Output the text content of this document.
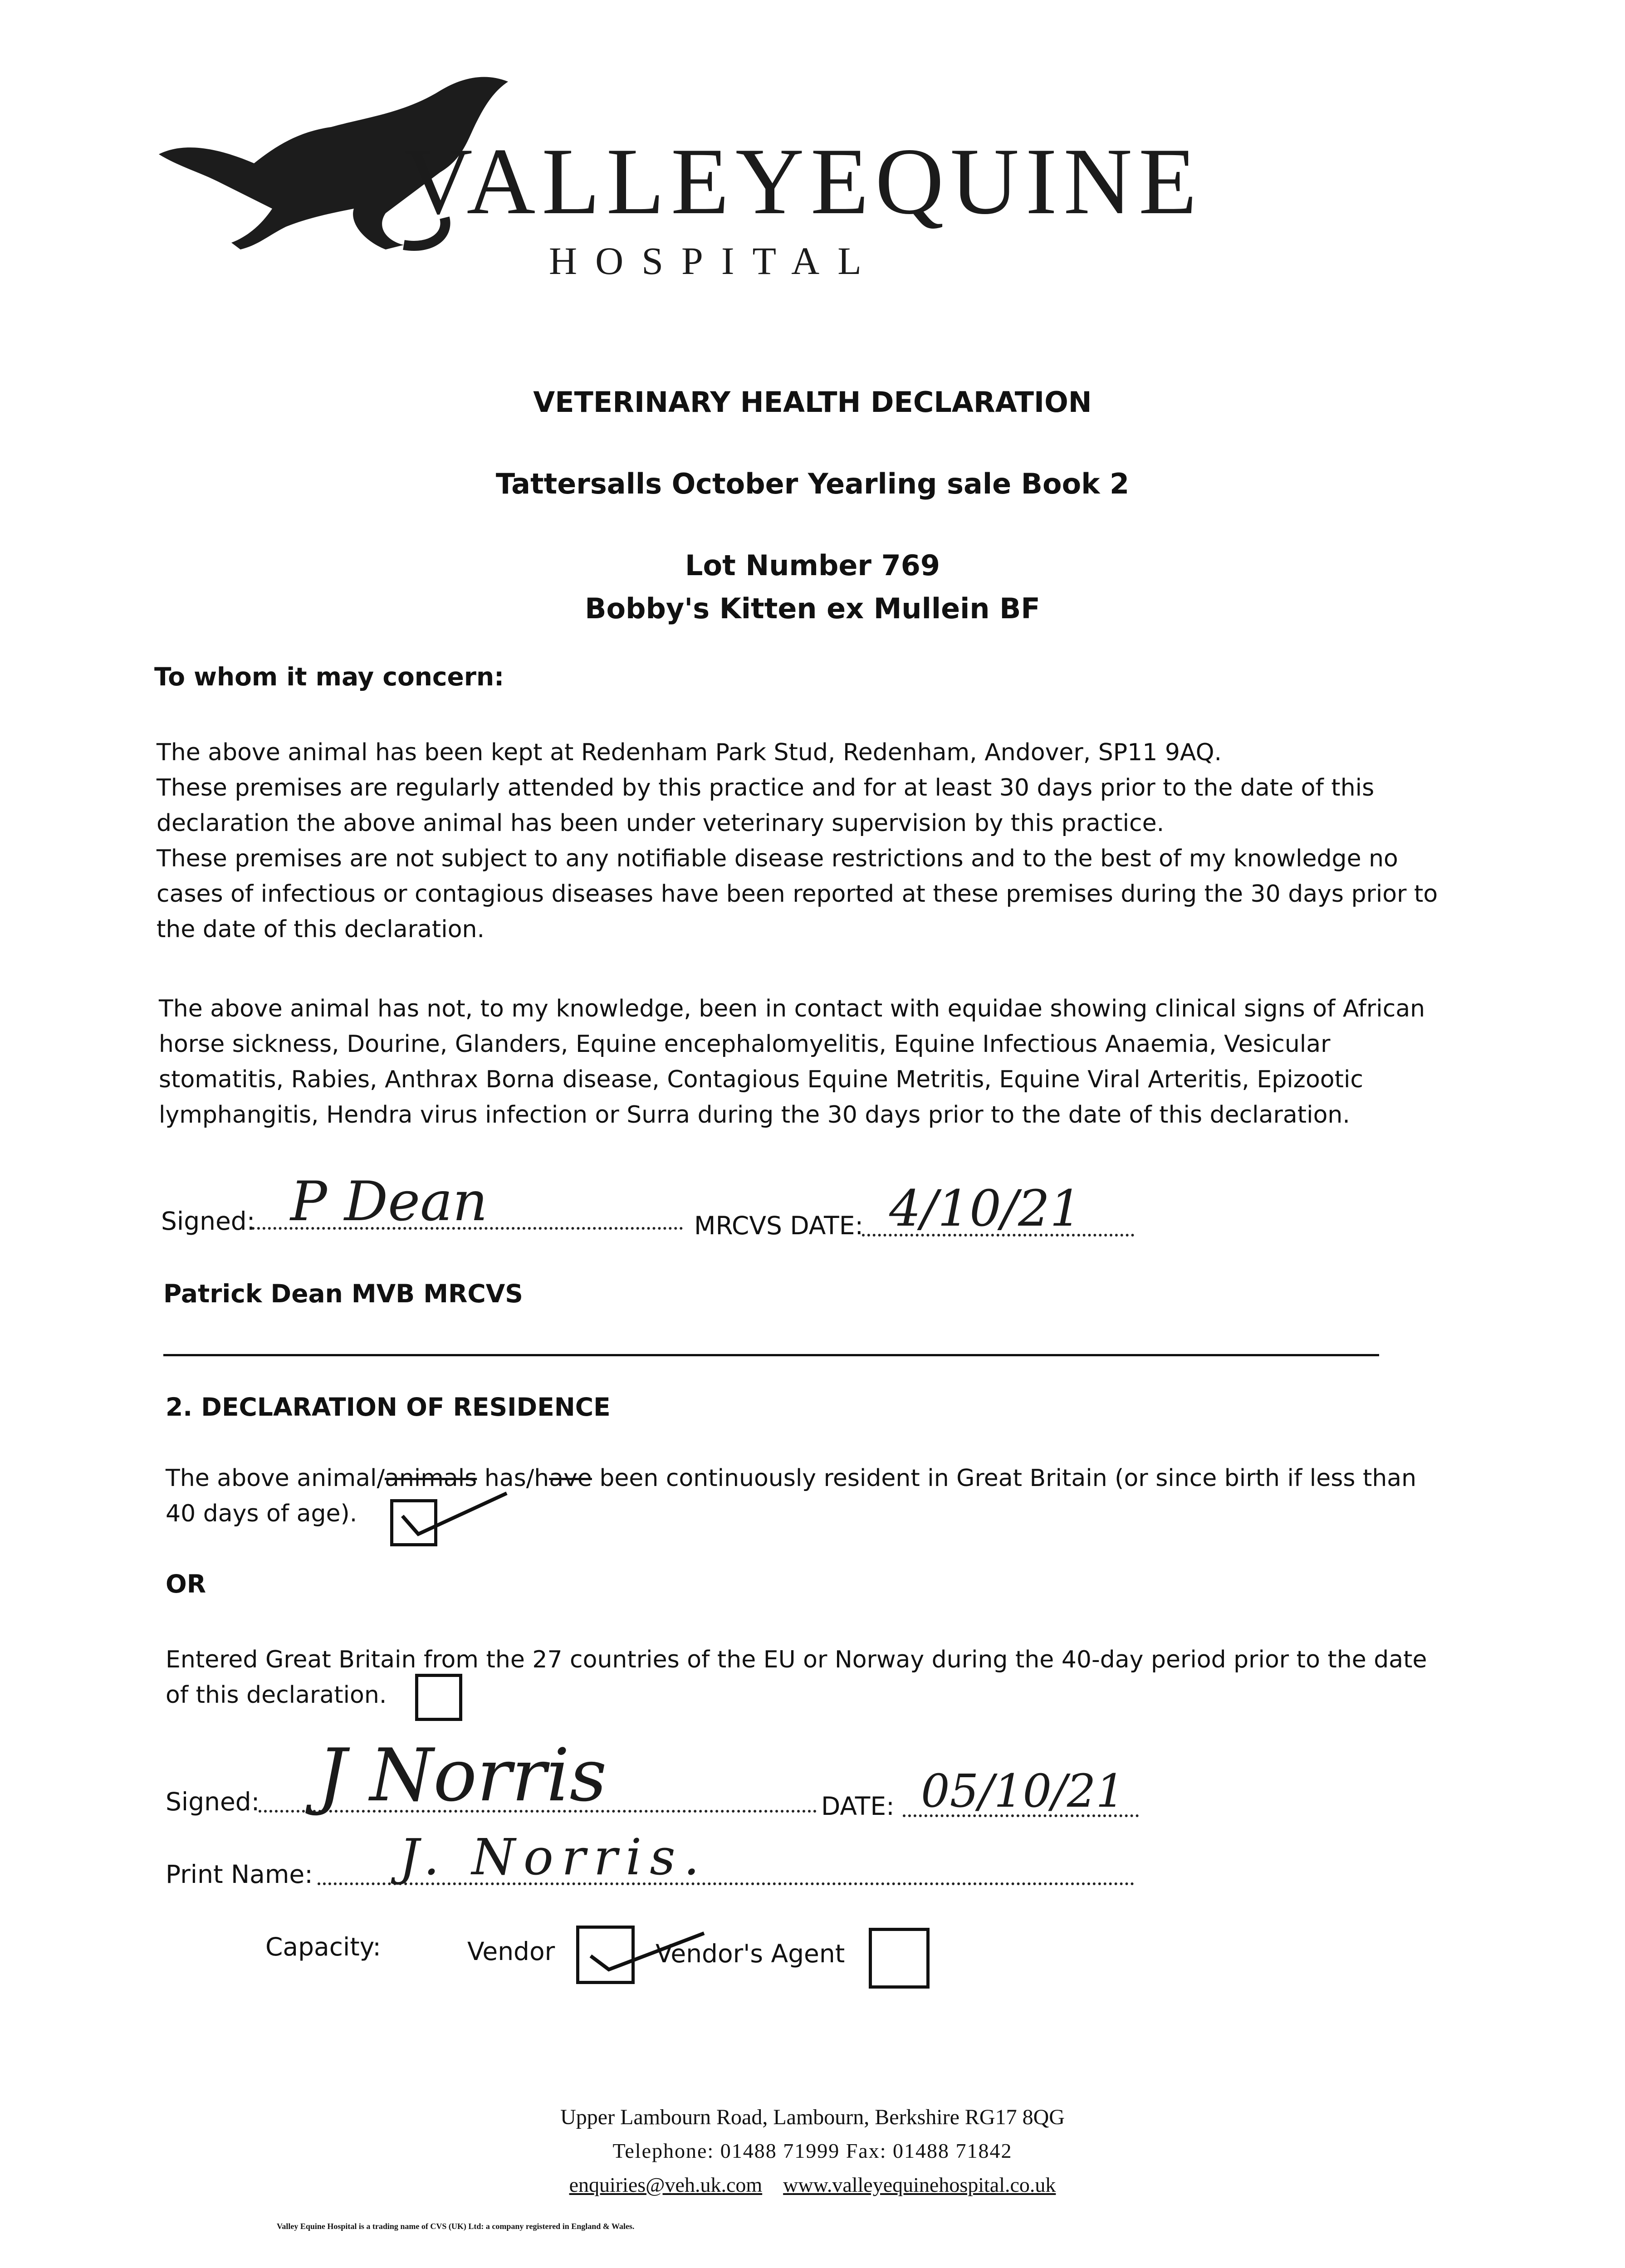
VALLEYEQUINE
HOSPITAL
VETERINARY HEALTH DECLARATION
Tattersalls October Yearling sale Book 2
Lot Number 769
Bobby's Kitten ex Mullein BF
To whom it may concern:
The above animal has been kept at Redenham Park Stud, Redenham, Andover, SP11 9AQ.
These premises are regularly attended by this practice and for at least 30 days prior to the date of this
declaration the above animal has been under veterinary supervision by this practice.
These premises are not subject to any notifiable disease restrictions and to the best of my knowledge no
cases of infectious or contagious diseases have been reported at these premises during the 30 days prior to
the date of this declaration.
The above animal has not, to my knowledge, been in contact with equidae showing clinical signs of African
horse sickness, Dourine, Glanders, Equine encephalomyelitis, Equine Infectious Anaemia, Vesicular
stomatitis, Rabies, Anthrax Borna disease, Contagious Equine Metritis, Equine Viral Arteritis, Epizootic
lymphangitis, Hendra virus infection or Surra during the 30 days prior to the date of this declaration.
Signed: P Dean	MRCVS DATE: 4/10/21
Patrick Dean MVB MRCVS
2. DECLARATION OF RESIDENCE
The above animal/animals has/have been continuously resident in Great Britain (or since birth if less than
40 days of age).
OR
Entered Great Britain from the 27 countries of the EU or Norway during the 40-day period prior to the date
of this declaration.
Signed: J Norris	DATE: 05/10/21
Print Name: J. Norris.
Capacity:	Vendor	Vendor's Agent
Upper Lambourn Road, Lambourn, Berkshire RG17 8QG
Telephone: 01488 71999 Fax: 01488 71842
enquiries@veh.uk.com www.valleyequinehospital.co.uk
Valley Equine Hospital is a trading name of CVS (UK) Ltd: a company registered in England & Wales.
